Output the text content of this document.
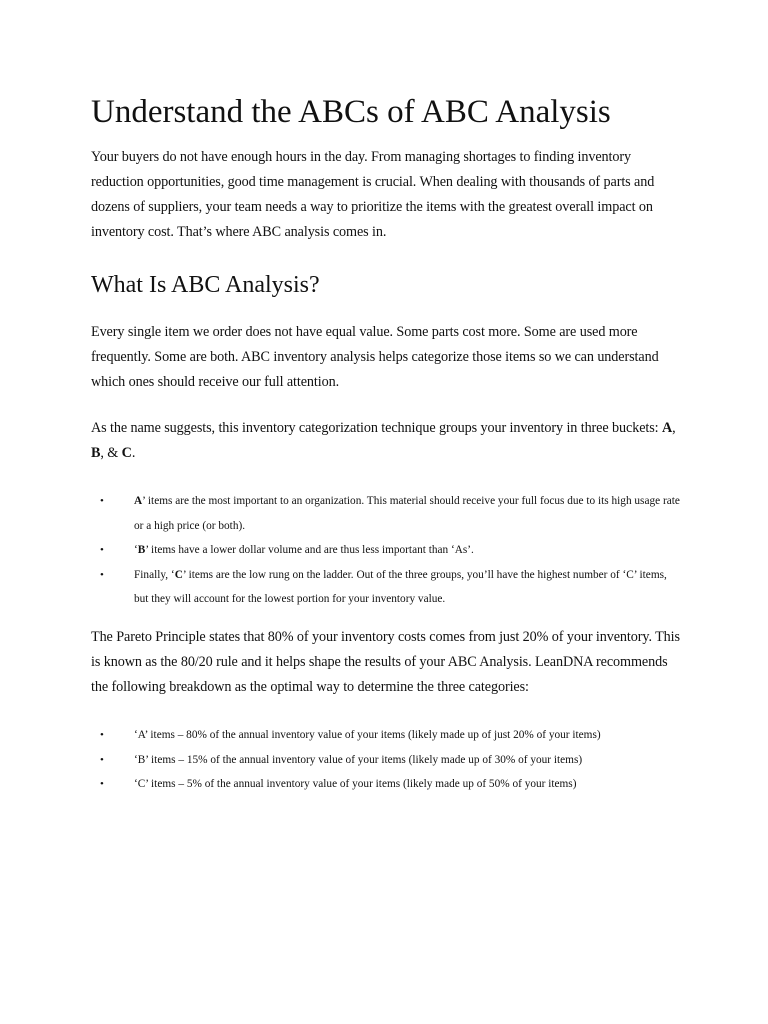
Understand the ABCs of ABC Analysis

Your buyers do not have enough hours in the day. From managing shortages to finding inventory reduction opportunities, good time management is crucial. When dealing with thousands of parts and dozens of suppliers, your team needs a way to prioritize the items with the greatest overall impact on inventory cost. That’s where ABC analysis comes in.

What Is ABC Analysis?

Every single item we order does not have equal value. Some parts cost more. Some are used more frequently. Some are both. ABC inventory analysis helps categorize those items so we can understand which ones should receive our full attention.

As the name suggests, this inventory categorization technique groups your inventory in three buckets: A, B, & C.

•	A’ items are the most important to an organization. This material should receive your full focus due to its high usage rate or a high price (or both).
•	‘B’ items have a lower dollar volume and are thus less important than ‘As’.
•	Finally, ‘C’ items are the low rung on the ladder. Out of the three groups, you’ll have the highest number of ‘C’ items, but they will account for the lowest portion for your inventory value.

The Pareto Principle states that 80% of your inventory costs comes from just 20% of your inventory. This is known as the 80/20 rule and it helps shape the results of your ABC Analysis. LeanDNA recommends the following breakdown as the optimal way to determine the three categories:

•	‘A’ items – 80% of the annual inventory value of your items (likely made up of just 20% of your items)
•	‘B’ items – 15% of the annual inventory value of your items (likely made up of 30% of your items)
•	‘C’ items – 5% of the annual inventory value of your items (likely made up of 50% of your items)
